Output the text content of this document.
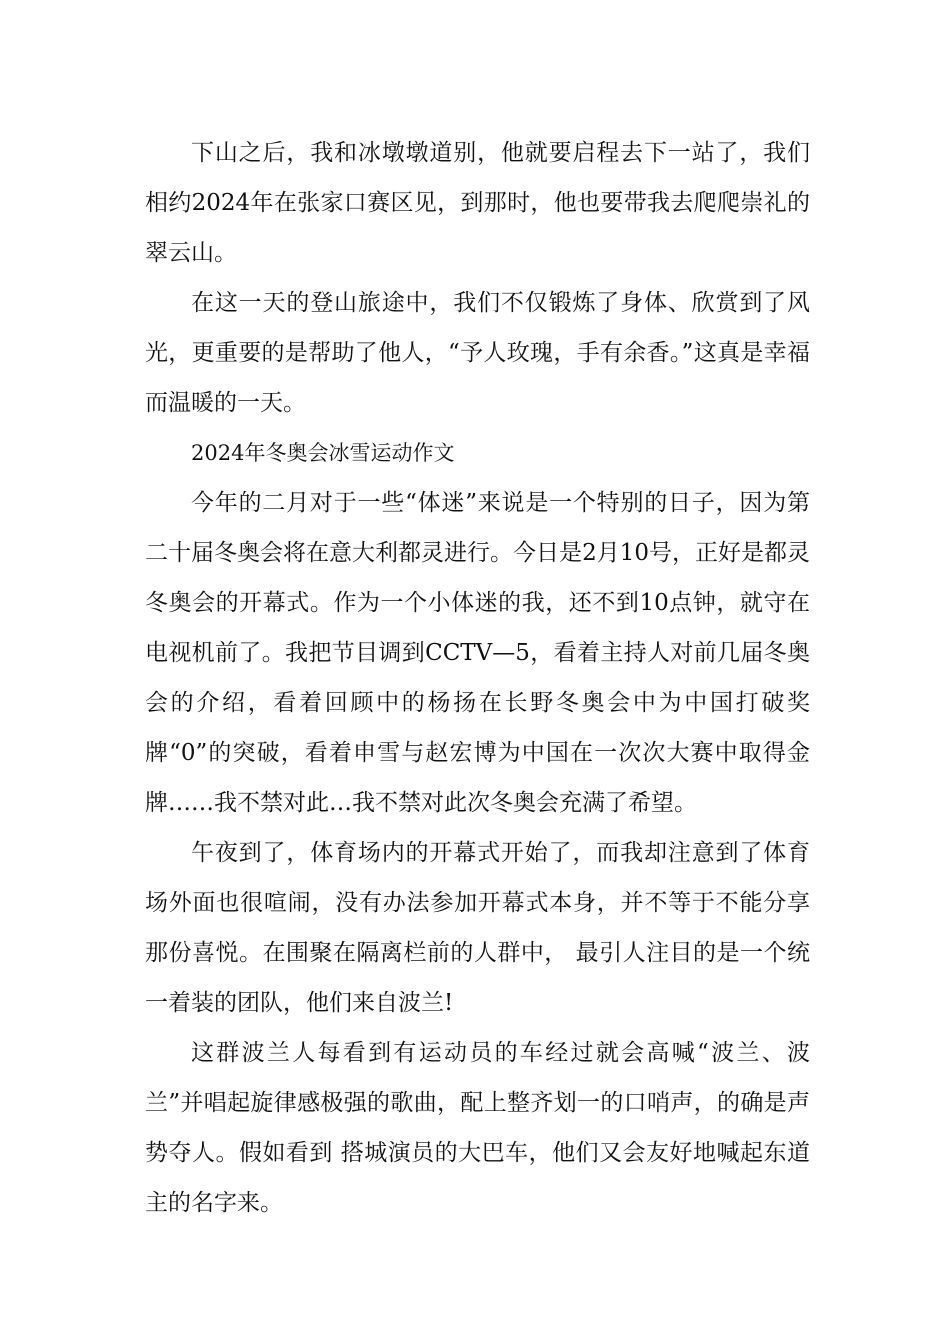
下山之后，我和冰墩墩道别，他就要启程去下一站了，我们相约2024年在张家口赛区见，到那时，他也要带我去爬爬崇礼的翠云山。

在这一天的登山旅途中，我们不仅锻炼了身体、欣赏到了风光，更重要的是帮助了他人，“予人玫瑰，手有余香。”这真是幸福而温暖的一天。

2024年冬奥会冰雪运动作文

今年的二月对于一些“体迷”来说是一个特别的日子，因为第二十届冬奥会将在意大利都灵进行。今日是2月10号，正好是都灵冬奥会的开幕式。作为一个小体迷的我，还不到10点钟，就守在电视机前了。我把节目调到CCTV—5，看着主持人对前几届冬奥会的介绍，看着回顾中的杨扬在长野冬奥会中为中国打破奖牌“0”的突破，看着申雪与赵宏博为中国在一次次大赛中取得金牌……我不禁对此…我不禁对此次冬奥会充满了希望。

午夜到了，体育场内的开幕式开始了，而我却注意到了体育场外面也很喧闹，没有办法参加开幕式本身，并不等于不能分享那份喜悦。在围聚在隔离栏前的人群中， 最引人注目的是一个统一着装的团队，他们来自波兰!

这群波兰人每看到有运动员的车经过就会高喊“波兰、波兰”并唱起旋律感极强的歌曲，配上整齐划一的口哨声，的确是声势夺人。假如看到 搭城演员的大巴车，他们又会友好地喊起东道主的名字来。
